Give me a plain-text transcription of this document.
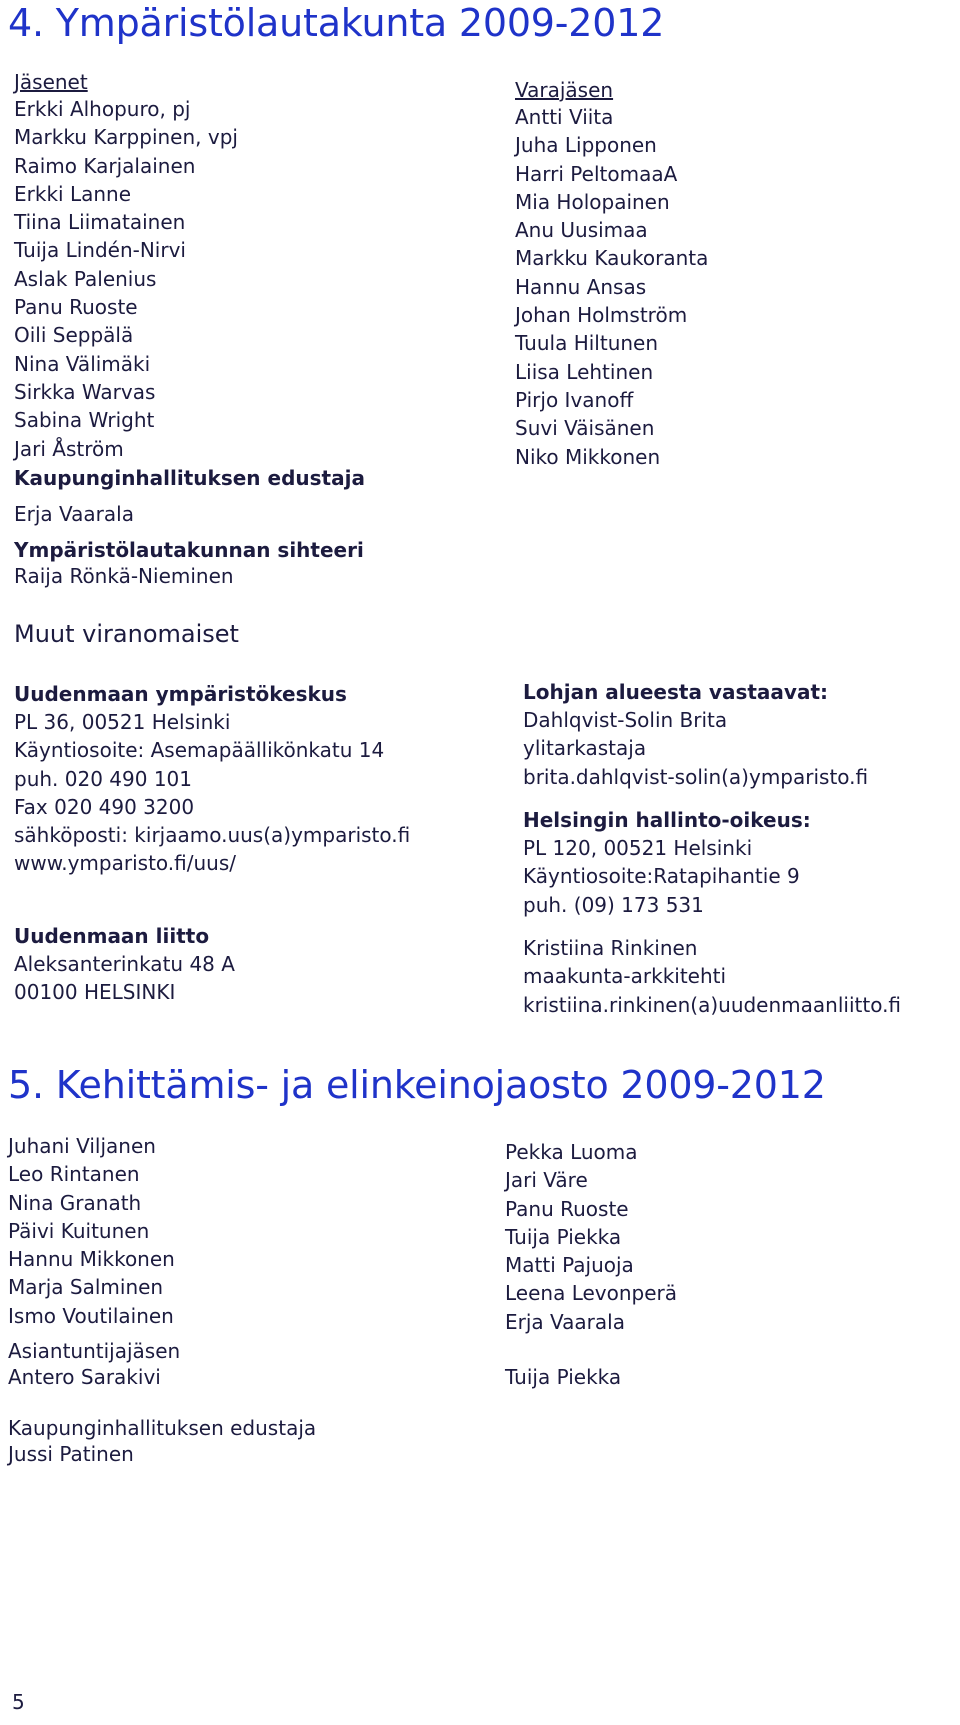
4. Ympäristölautakunta 2009-2012
Jäsenet
Erkki Alhopuro, pj
Markku Karppinen, vpj
Raimo Karjalainen
Erkki Lanne
Tiina Liimatainen
Tuija Lindén-Nirvi
Aslak Palenius
Panu Ruoste
Oili Seppälä
Nina Välimäki
Sirkka Warvas
Sabina Wright
Jari Åström
Varajäsen
Antti Viita
Juha Lipponen
Harri PeltomaaA
Mia Holopainen
Anu Uusimaa
Markku Kaukoranta
Hannu Ansas
Johan Holmström
Tuula Hiltunen
Liisa Lehtinen
Pirjo Ivanoff
Suvi Väisänen
Niko Mikkonen
Kaupunginhallituksen edustaja
Erja Vaarala
Ympäristölautakunnan sihteeri
Raija Rönkä-Nieminen
Muut viranomaiset
Uudenmaan ympäristökeskus
PL 36, 00521 Helsinki
Käyntiosoite: Asemapäällikönkatu 14
puh. 020 490 101
Fax 020 490 3200
sähköposti: kirjaamo.uus(a)ymparisto.fi
www.ymparisto.fi/uus/
Uudenmaan liitto
Aleksanterinkatu 48 A
00100 HELSINKI
Lohjan alueesta vastaavat:
Dahlqvist-Solin Brita
ylitarkastaja
brita.dahlqvist-solin(a)ymparisto.fi
Helsingin hallinto-oikeus:
PL 120, 00521 Helsinki
Käyntiosoite:Ratapihantie 9
puh. (09) 173 531
Kristiina Rinkinen
maakunta-arkkitehti
kristiina.rinkinen(a)uudenmaanliitto.fi
5. Kehittämis- ja elinkeinojaosto 2009-2012
Juhani Viljanen
Leo Rintanen
Nina Granath
Päivi Kuitunen
Hannu Mikkonen
Marja Salminen
Ismo Voutilainen
Pekka Luoma
Jari Väre
Panu Ruoste
Tuija Piekka
Matti Pajuoja
Leena Levonperä
Erja Vaarala
Asiantuntijajäsen
Antero Sarakivi	Tuija Piekka
Kaupunginhallituksen edustaja
Jussi Patinen
5
